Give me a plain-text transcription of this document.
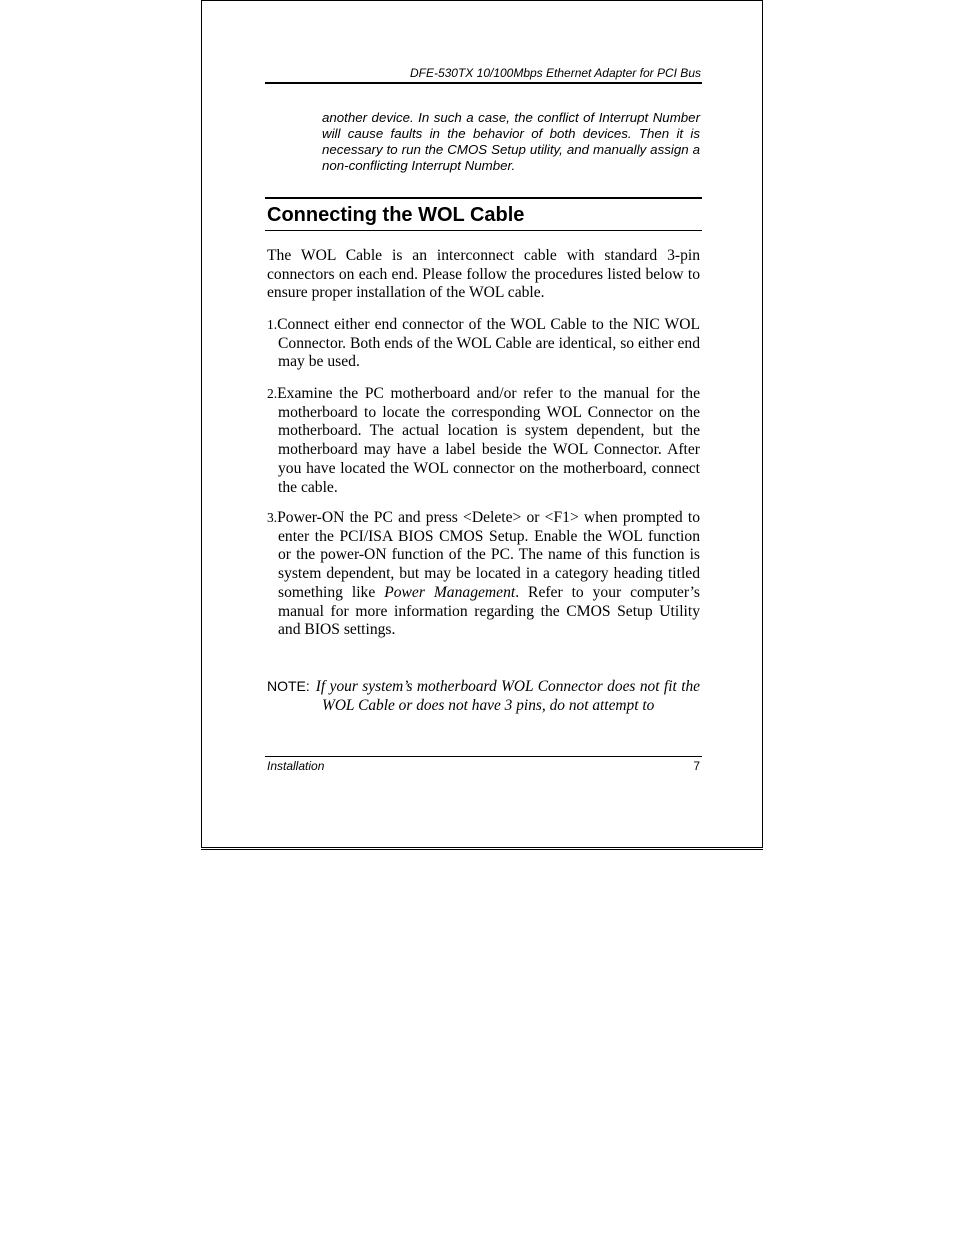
DFE-530TX 10/100Mbps Ethernet Adapter for PCI Bus

another device. In such a case, the conflict of Interrupt Number will cause faults in the behavior of both devices. Then it is necessary to run the CMOS Setup utility, and manually assign a non-conflicting Interrupt Number.

Connecting the WOL Cable

The WOL Cable is an interconnect cable with standard 3-pin connectors on each end. Please follow the procedures listed below to ensure proper installation of the WOL cable.

1.Connect either end connector of the WOL Cable to the NIC WOL Connector. Both ends of the WOL Cable are identical, so either end may be used.

2.Examine the PC motherboard and/or refer to the manual for the motherboard to locate the corresponding WOL Connector on the motherboard. The actual location is system dependent, but the motherboard may have a label beside the WOL Connector. After you have located the WOL connector on the motherboard, connect the cable.

3.Power-ON the PC and press <Delete> or <F1> when prompted to enter the PCI/ISA BIOS CMOS Setup. Enable the WOL function or the power-ON function of the PC. The name of this function is system dependent, but may be located in a category heading titled something like Power Management. Refer to your computer’s manual for more information regarding the CMOS Setup Utility and BIOS settings.

NOTE: If your system’s motherboard WOL Connector does not fit the WOL Cable or does not have 3 pins, do not attempt to

Installation	7
